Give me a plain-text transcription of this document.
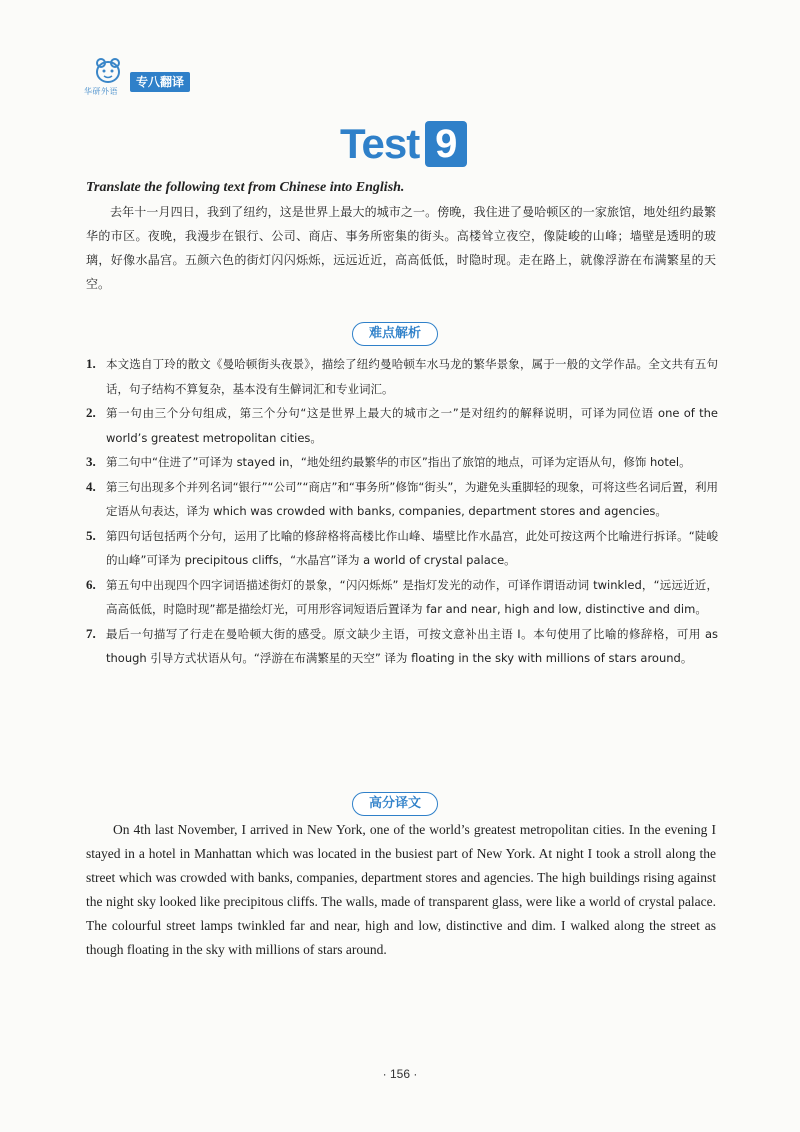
华研外语
专八翻译
Test 9
Translate the following text from Chinese into English.

去年十一月四日，我到了纽约，这是世界上最大的城市之一。傍晚，我住进了曼哈顿区的一家旅馆，地处纽约最繁华的市区。夜晚，我漫步在银行、公司、商店、事务所密集的街头。高楼耸立夜空，像陡峻的山峰；墙壁是透明的玻璃，好像水晶宫。五颜六色的街灯闪闪烁烁，远远近近，高高低低，时隐时现。走在路上，就像浮游在布满繁星的天空。

难点解析
1. 本文选自丁玲的散文《曼哈顿街头夜景》，描绘了纽约曼哈顿车水马龙的繁华景象，属于一般的文学作品。全文共有五句话，句子结构不算复杂，基本没有生僻词汇和专业词汇。
2. 第一句由三个分句组成，第三个分句“这是世界上最大的城市之一”是对纽约的解释说明，可译为同位语 one of the world’s greatest metropolitan cities。
3. 第二句中“住进了”可译为 stayed in，“地处纽约最繁华的市区”指出了旅馆的地点，可译为定语从句，修饰 hotel。
4. 第三句出现多个并列名词“银行”“公司”“商店”和“事务所”修饰“街头”，为避免头重脚轻的现象，可将这些名词后置，利用定语从句表达，译为 which was crowded with banks, companies, department stores and agencies。
5. 第四句话包括两个分句，运用了比喻的修辞格将高楼比作山峰、墙壁比作水晶宫，此处可按这两个比喻进行拆译。“陡峻的山峰”可译为 precipitous cliffs，“水晶宫”译为 a world of crystal palace。
6. 第五句中出现四个四字词语描述街灯的景象，“闪闪烁烁” 是指灯发光的动作，可译作谓语动词 twinkled，“远远近近，高高低低，时隐时现”都是描绘灯光，可用形容词短语后置译为 far and near, high and low, distinctive and dim。
7. 最后一句描写了行走在曼哈顿大街的感受。原文缺少主语，可按文意补出主语 I。本句使用了比喻的修辞格，可用 as though 引导方式状语从句。“浮游在布满繁星的天空” 译为 floating in the sky with millions of stars around。
高分译文

On 4th last November, I arrived in New York, one of the world’s greatest metropolitan cities. In the evening I stayed in a hotel in Manhattan which was located in the busiest part of New York. At night I took a stroll along the street which was crowded with banks, companies, department stores and agencies. The high buildings rising against the night sky looked like precipitous cliffs. The walls, made of transparent glass, were like a world of crystal palace. The colourful street lamps twinkled far and near, high and low, distinctive and dim. I walked along the street as though floating in the sky with millions of stars around.

· 156 ·
